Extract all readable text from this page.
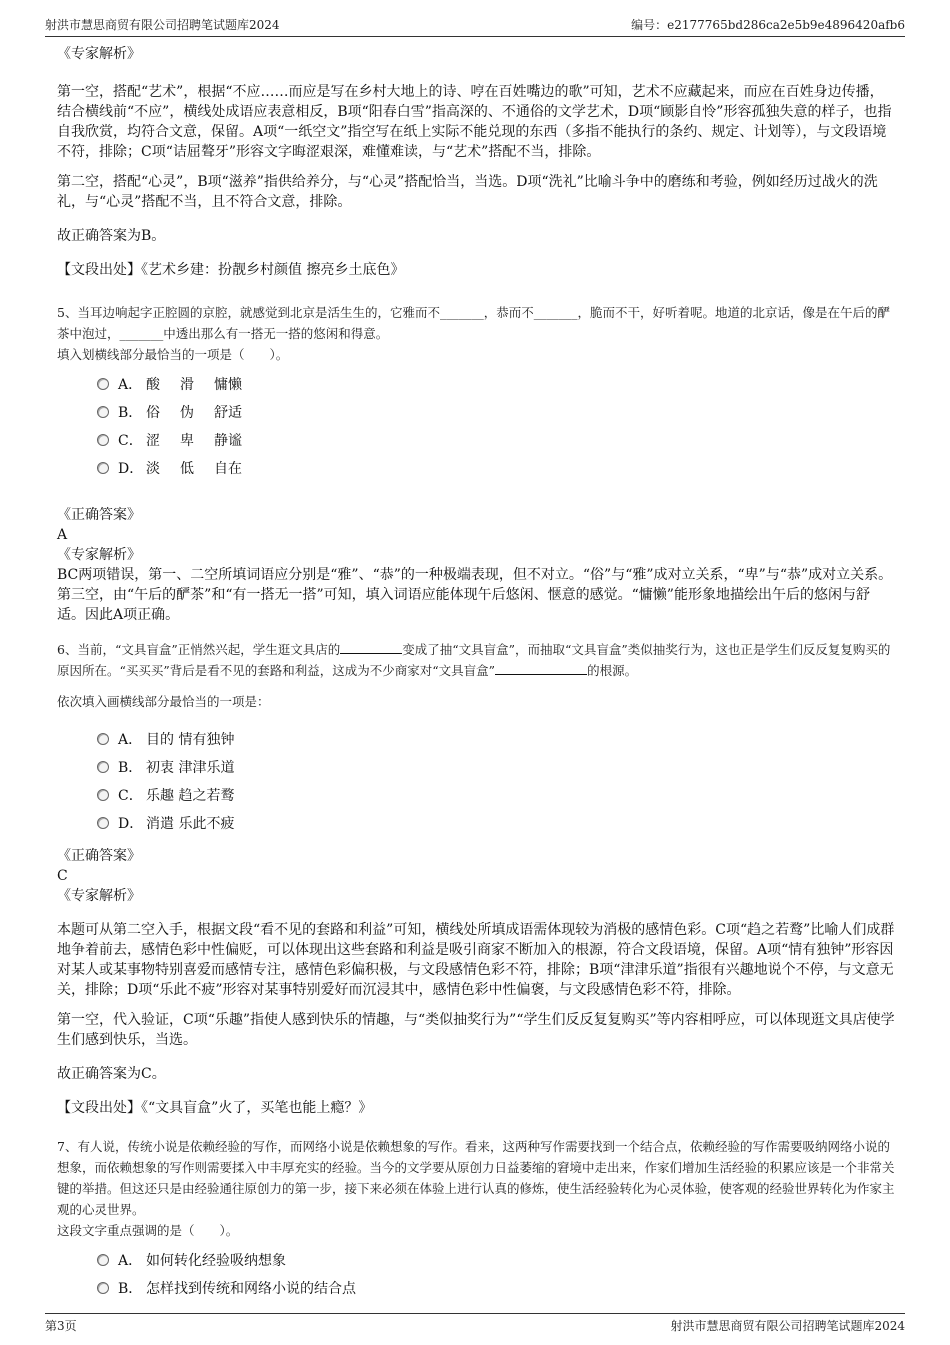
射洪市慧思商贸有限公司招聘笔试题库2024	编号：e2177765bd286ca2e5b9e4896420afb6

《专家解析》

第一空，搭配“艺术”，根据“不应……而应是写在乡村大地上的诗、哼在百姓嘴边的歌”可知，艺术不应藏起来，而应在百姓身边传播，结合横线前“不应”，横线处成语应表意相反，B项“阳春白雪”指高深的、不通俗的文学艺术，D项“顾影自怜”形容孤独失意的样子，也指自我欣赏，均符合文意，保留。A项“一纸空文”指空写在纸上实际不能兑现的东西（多指不能执行的条约、规定、计划等），与文段语境不符，排除；C项“诘屈聱牙”形容文字晦涩艰深，难懂难读，与“艺术”搭配不当，排除。

第二空，搭配“心灵”，B项“滋养”指供给养分，与“心灵”搭配恰当，当选。D项“洗礼”比喻斗争中的磨练和考验，例如经历过战火的洗礼，与“心灵”搭配不当，且不符合文意，排除。

故正确答案为B。

【文段出处】《艺术乡建：扮靓乡村颜值 擦亮乡土底色》

5、当耳边响起字正腔圆的京腔，就感觉到北京是活生生的，它雅而不_______，恭而不_______，脆而不干，好听着呢。地道的北京话，像是在午后的酽茶中泡过，_______中透出那么有一搭无一搭的悠闲和得意。

填入划横线部分最恰当的一项是（　　）。

A． 酸 滑 慵懒

B． 俗 伪 舒适

C． 涩 卑 静谧

D． 淡 低 自在

《正确答案》

A

《专家解析》

BC两项错误，第一、二空所填词语应分别是“雅”、“恭”的一种极端表现，但不对立。“俗”与“雅”成对立关系，“卑”与“恭”成对立关系。第三空，由“午后的酽茶”和“有一搭无一搭”可知，填入词语应能体现午后悠闲、惬意的感觉。“慵懒”能形象地描绘出午后的悠闲与舒适。因此A项正确。

6、当前，“文具盲盒”正悄然兴起，学生逛文具店的	变成了抽“文具盲盒”，而抽取“文具盲盒”类似抽奖行为，这也正是学生们反反复复购买的原因所在。“买买买”背后是看不见的套路和利益，这成为不少商家对“文具盲盒”	的根源。

依次填入画横线部分最恰当的一项是：

A． 目的 情有独钟

B． 初衷 津津乐道

C． 乐趣 趋之若鹜

D． 消遣 乐此不疲

《正确答案》

C

《专家解析》

本题可从第二空入手，根据文段“看不见的套路和利益”可知，横线处所填成语需体现较为消极的感情色彩。C项“趋之若鹜”比喻人们成群地争着前去，感情色彩中性偏贬，可以体现出这些套路和利益是吸引商家不断加入的根源，符合文段语境，保留。A项“情有独钟”形容因对某人或某事物特别喜爱而感情专注，感情色彩偏积极，与文段感情色彩不符，排除；B项“津津乐道”指很有兴趣地说个不停，与文意无关，排除；D项“乐此不疲”形容对某事特别爱好而沉浸其中，感情色彩中性偏褒，与文段感情色彩不符，排除。

第一空，代入验证，C项“乐趣”指使人感到快乐的情趣，与“类似抽奖行为”“学生们反反复复购买”等内容相呼应，可以体现逛文具店使学生们感到快乐，当选。

故正确答案为C。

【文段出处】《“文具盲盒”火了，买笔也能上瘾？》

7、有人说，传统小说是依赖经验的写作，而网络小说是依赖想象的写作。看来，这两种写作需要找到一个结合点，依赖经验的写作需要吸纳网络小说的想象，而依赖想象的写作则需要揉入中丰厚充实的经验。当今的文学要从原创力日益萎缩的窘境中走出来，作家们增加生活经验的积累应该是一个非常关键的举措。但这还只是由经验通往原创力的第一步，接下来必须在体验上进行认真的修炼，使生活经验转化为心灵体验，使客观的经验世界转化为作家主观的心灵世界。

这段文字重点强调的是（　　）。

A． 如何转化经验吸纳想象

B． 怎样找到传统和网络小说的结合点

第3页	射洪市慧思商贸有限公司招聘笔试题库2024
